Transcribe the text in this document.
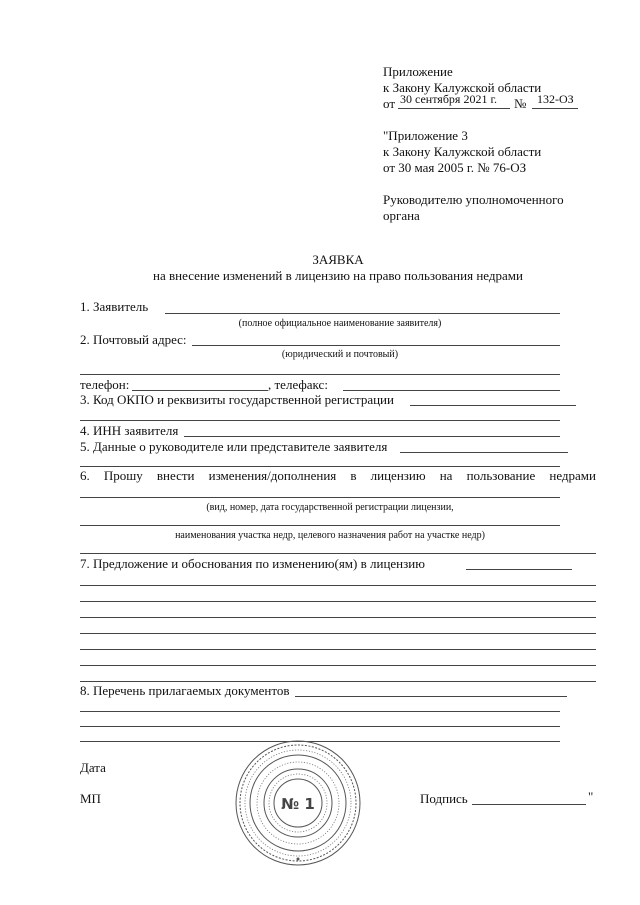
Приложение
к Закону Калужской области
от 30 сентября 2021 г. № 132-ОЗ
"Приложение 3
к Закону Калужской области
от 30 мая 2005 г. № 76-ОЗ
Руководителю уполномоченного
органа
ЗАЯВКА
на внесение изменений в лицензию на право пользования недрами
1. Заявитель
(полное официальное наименование заявителя)
2. Почтовый адрес:
(юридический и почтовый)
телефон:	, телефакс:
3. Код ОКПО и реквизиты государственной регистрации
4. ИНН заявителя
5. Данные о руководителе или представителе заявителя
6. Прошу внести изменения/дополнения в лицензию на пользование недрами
(вид, номер, дата государственной регистрации лицензии,
наименования участка недр, целевого назначения работ на участке недр)
7. Предложение и обоснования по изменению(ям) в лицензию
8. Перечень прилагаемых документов
Дата
МП	Подпись	"
№ 1
